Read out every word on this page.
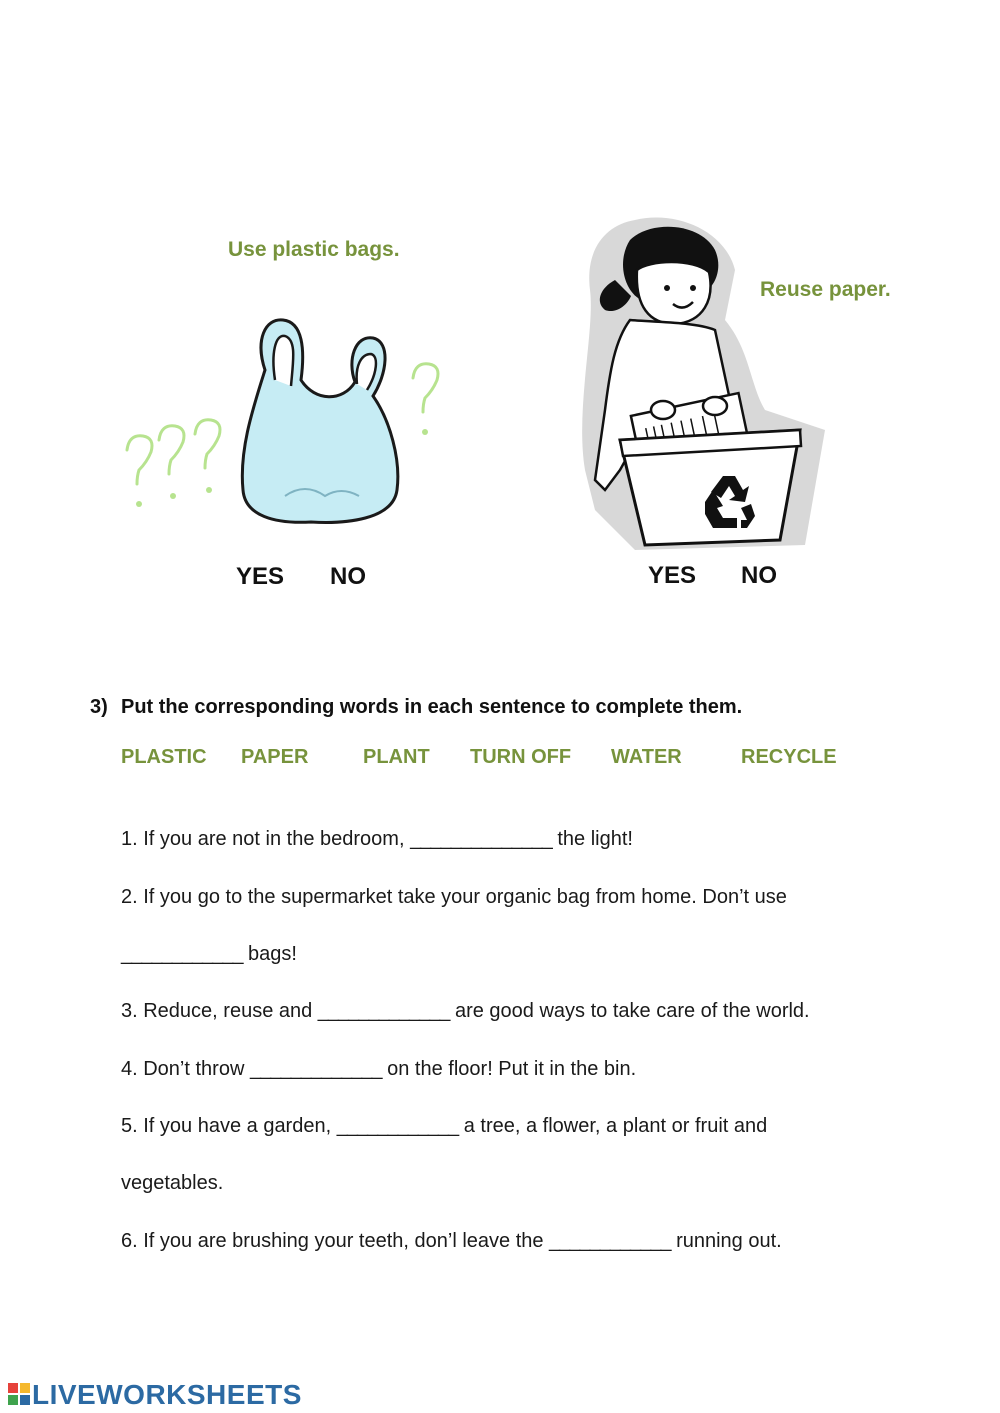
Use plastic bags.
YES NO
Reuse paper.
YES NO
3) Put the corresponding words in each sentence to complete them.
PLASTIC PAPER	PLANT TURN OFF WATER	RECYCLE
1. If you are not in the bedroom, ______________ the light!
2. If you go to the supermarket take your organic bag from home. Don’t use
____________ bags!
3. Reduce, reuse and _____________ are good ways to take care of the world.
4. Don’t throw _____________ on the floor! Put it in the bin.
5. If you have a garden, ____________ a tree, a flower, a plant or fruit and
vegetables.
6. If you are brushing your teeth, don’l leave the ____________ running out.
LIVEWORKSHEETS
